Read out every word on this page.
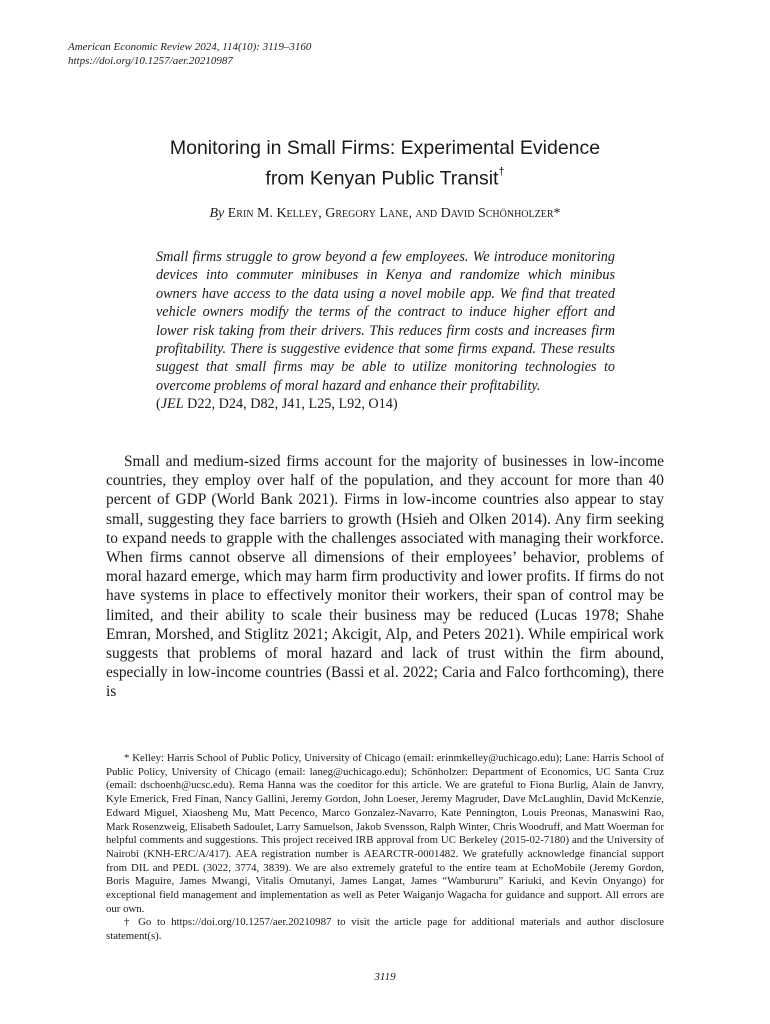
American Economic Review 2024, 114(10): 3119–3160
https://doi.org/10.1257/aer.20210987
Monitoring in Small Firms: Experimental Evidence
from Kenyan Public Transit†
By Erin M. Kelley, Gregory Lane, and David Schönholzer*
Small firms struggle to grow beyond a few employees. We introduce monitoring devices into commuter minibuses in Kenya and randomize which minibus owners have access to the data using a novel mobile app. We find that treated vehicle owners modify the terms of the contract to induce higher effort and lower risk taking from their drivers. This reduces firm costs and increases firm profitability. There is suggestive evidence that some firms expand. These results suggest that small firms may be able to utilize monitoring technologies to overcome problems of moral hazard and enhance their profitability.
(JEL D22, D24, D82, J41, L25, L92, O14)

Small and medium-sized firms account for the majority of businesses in low-income countries, they employ over half of the population, and they account for more than 40 percent of GDP (World Bank 2021). Firms in low-income countries also appear to stay small, suggesting they face barriers to growth (Hsieh and Olken 2014). Any firm seeking to expand needs to grapple with the challenges associated with managing their workforce. When firms cannot observe all dimensions of their employees’ behavior, problems of moral hazard emerge, which may harm firm productivity and lower profits. If firms do not have systems in place to effectively monitor their workers, their span of control may be limited, and their ability to scale their business may be reduced (Lucas 1978; Shahe Emran, Morshed, and Stiglitz 2021; Akcigit, Alp, and Peters 2021). While empirical work suggests that problems of moral hazard and lack of trust within the firm abound, especially in low-income countries (Bassi et al. 2022; Caria and Falco forthcoming), there is

* Kelley: Harris School of Public Policy, University of Chicago (email: erinmkelley@uchicago.edu); Lane: Harris School of Public Policy, University of Chicago (email: laneg@uchicago.edu); Schönholzer: Department of Economics, UC Santa Cruz (email: dschoenh@ucsc.edu). Rema Hanna was the coeditor for this article. We are grateful to Fiona Burlig, Alain de Janvry, Kyle Emerick, Fred Finan, Nancy Gallini, Jeremy Gordon, John Loeser, Jeremy Magruder, Dave McLaughlin, David McKenzie, Edward Miguel, Xiaosheng Mu, Matt Pecenco, Marco Gonzalez-Navarro, Kate Pennington, Louis Preonas, Manaswini Rao, Mark Rosenzweig, Elisabeth Sadoulet, Larry Samuelson, Jakob Svensson, Ralph Winter, Chris Woodruff, and Matt Woerman for helpful comments and suggestions. This project received IRB approval from UC Berkeley (2015-02-7180) and the University of Nairobi (KNH-ERC/A/417). AEA registration number is AEARCTR-0001482. We gratefully acknowledge financial support from DIL and PEDL (3022, 3774, 3839). We are also extremely grateful to the entire team at EchoMobile (Jeremy Gordon, Boris Maguire, James Mwangi, Vitalis Omutanyi, James Langat, James “Wambururu” Kariuki, and Kevin Onyango) for exceptional field management and implementation as well as Peter Waiganjo Wagacha for guidance and support. All errors are our own.

† Go to https://doi.org/10.1257/aer.20210987 to visit the article page for additional materials and author disclosure statement(s).

3119
